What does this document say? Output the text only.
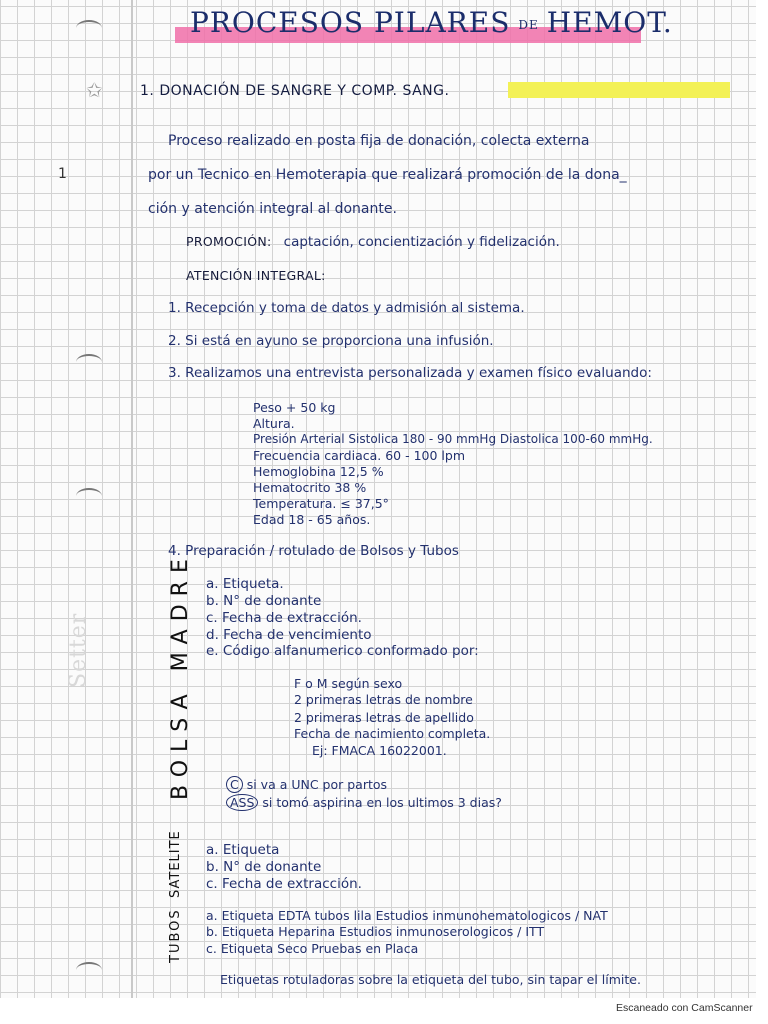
PROCESOS PILARES DE HEMOT.
✩	1. DONACIÓN DE SANGRE Y COMP. SANG.
1
Proceso realizado en posta fija de donación, colecta externa
por un Tecnico en Hemoterapia que realizará promoción de la dona_
ción y atención integral al donante.
PROMOCIÓN: captación, concientización y fidelización.
ATENCIÓN INTEGRAL:
1. Recepción y toma de datos y admisión al sistema.
2. Si está en ayuno se proporciona una infusión.
3. Realizamos una entrevista personalizada y examen físico evaluando:
Peso + 50 kg
Altura.
Presión Arterial Sistolica 180 - 90 mmHg Diastolica 100-60 mmHg.
Frecuencia cardiaca. 60 - 100 lpm
Hemoglobina 12,5 %
Hematocrito 38 %
Temperatura. ≤ 37,5°
Edad 18 - 65 años.
4. Preparación / rotulado de Bolsos y Tubos
Setter	BOLSA MADRE a. Etiqueta.
b. N° de donante
c. Fecha de extracción.
d. Fecha de vencimiento
e. Código alfanumerico conformado por:
F o M según sexo
2 primeras letras de nombre
2 primeras letras de apellido
Fecha de nacimiento completa.
Ej: FMACA 16022001.
C si va a UNC por partos
ASS si tomó aspirina en los ultimos 3 dias?
SATELITE a. Etiqueta
b. N° de donante
c. Fecha de extracción.
TUBOS a. Etiqueta EDTA tubos lila Estudios inmunohematologicos / NAT
b. Etiqueta Heparina Estudios inmunoserologicos / ITT
c. Etiqueta Seco Pruebas en Placa
Etiquetas rotuladoras sobre la etiqueta del tubo, sin tapar el límite.
Escaneado con CamScanner
